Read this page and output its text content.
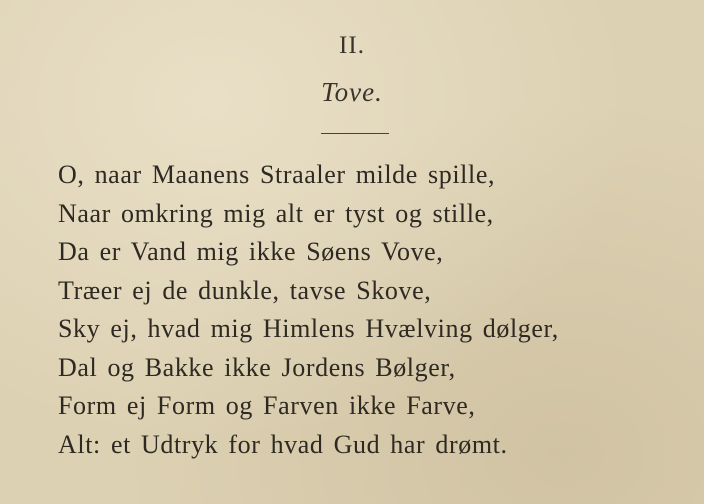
II.
Tove.
O, naar Maanens Straaler milde spille,
Naar omkring mig alt er tyst og stille,
Da er Vand mig ikke Søens Vove,
Træer ej de dunkle, tavse Skove,
Sky ej, hvad mig Himlens Hvælving dølger,
Dal og Bakke ikke Jordens Bølger,
Form ej Form og Farven ikke Farve,
Alt: et Udtryk for hvad Gud har drømt.
